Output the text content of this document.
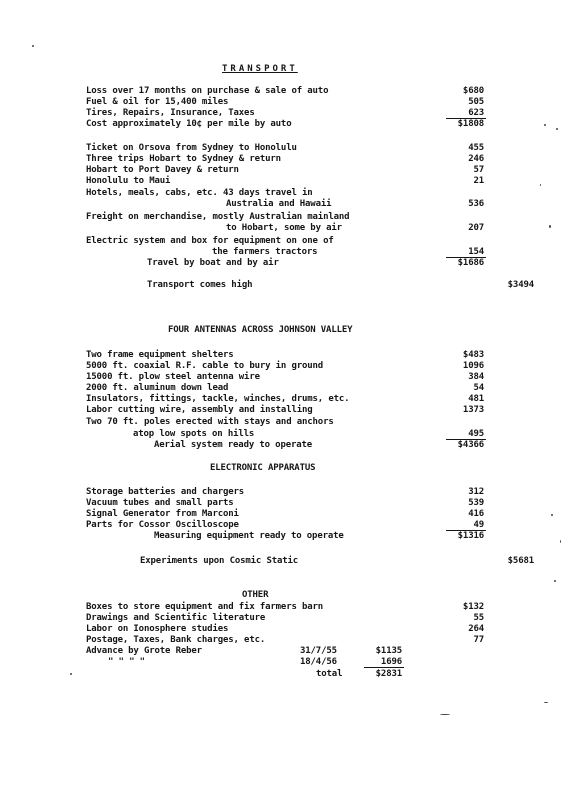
TRANSPORT
Loss over 17 months on purchase & sale of auto	$680
Fuel & oil for 15,400 miles	505
Tires, Repairs, Insurance, Taxes	623
Cost approximately 10¢ per mile by auto	$1808
Ticket on Orsova from Sydney to Honolulu	455
Three trips Hobart to Sydney & return	246
Hobart to Port Davey & return	57
Honolulu to Maui	21
Hotels, meals, cabs, etc. 43 days travel in
Australia and Hawaii	536
Freight on merchandise, mostly Australian mainland
to Hobart, some by air	207
Electric system and box for equipment on one of
the farmers tractors	154
Travel by boat and by air	$1686
Transport comes high	$3494
FOUR ANTENNAS ACROSS JOHNSON VALLEY
Two frame equipment shelters	$483
5000 ft. coaxial R.F. cable to bury in ground	1096
15000 ft. plow steel antenna wire	384
2000 ft. aluminum down lead	54
Insulators, fittings, tackle, winches, drums, etc.	481
Labor cutting wire, assembly and installing	1373
Two 70 ft. poles erected with stays and anchors
atop low spots on hills	495
Aerial system ready to operate	$4366
ELECTRONIC APPARATUS
Storage batteries and chargers	312
Vacuum tubes and small parts	539
Signal Generator from Marconi	416
Parts for Cossor Oscilloscope	49
Measuring equipment ready to operate	$1316
Experiments upon Cosmic Static	$5681
OTHER
Boxes to store equipment and fix farmers barn	$132
Drawings and Scientific literature	55
Labor on Ionosphere studies	264
Postage, Taxes, Bank charges, etc.	77
Advance by Grote Reber	31/7/55	$1135
" " " "	18/4/56	1696
total	$2831
